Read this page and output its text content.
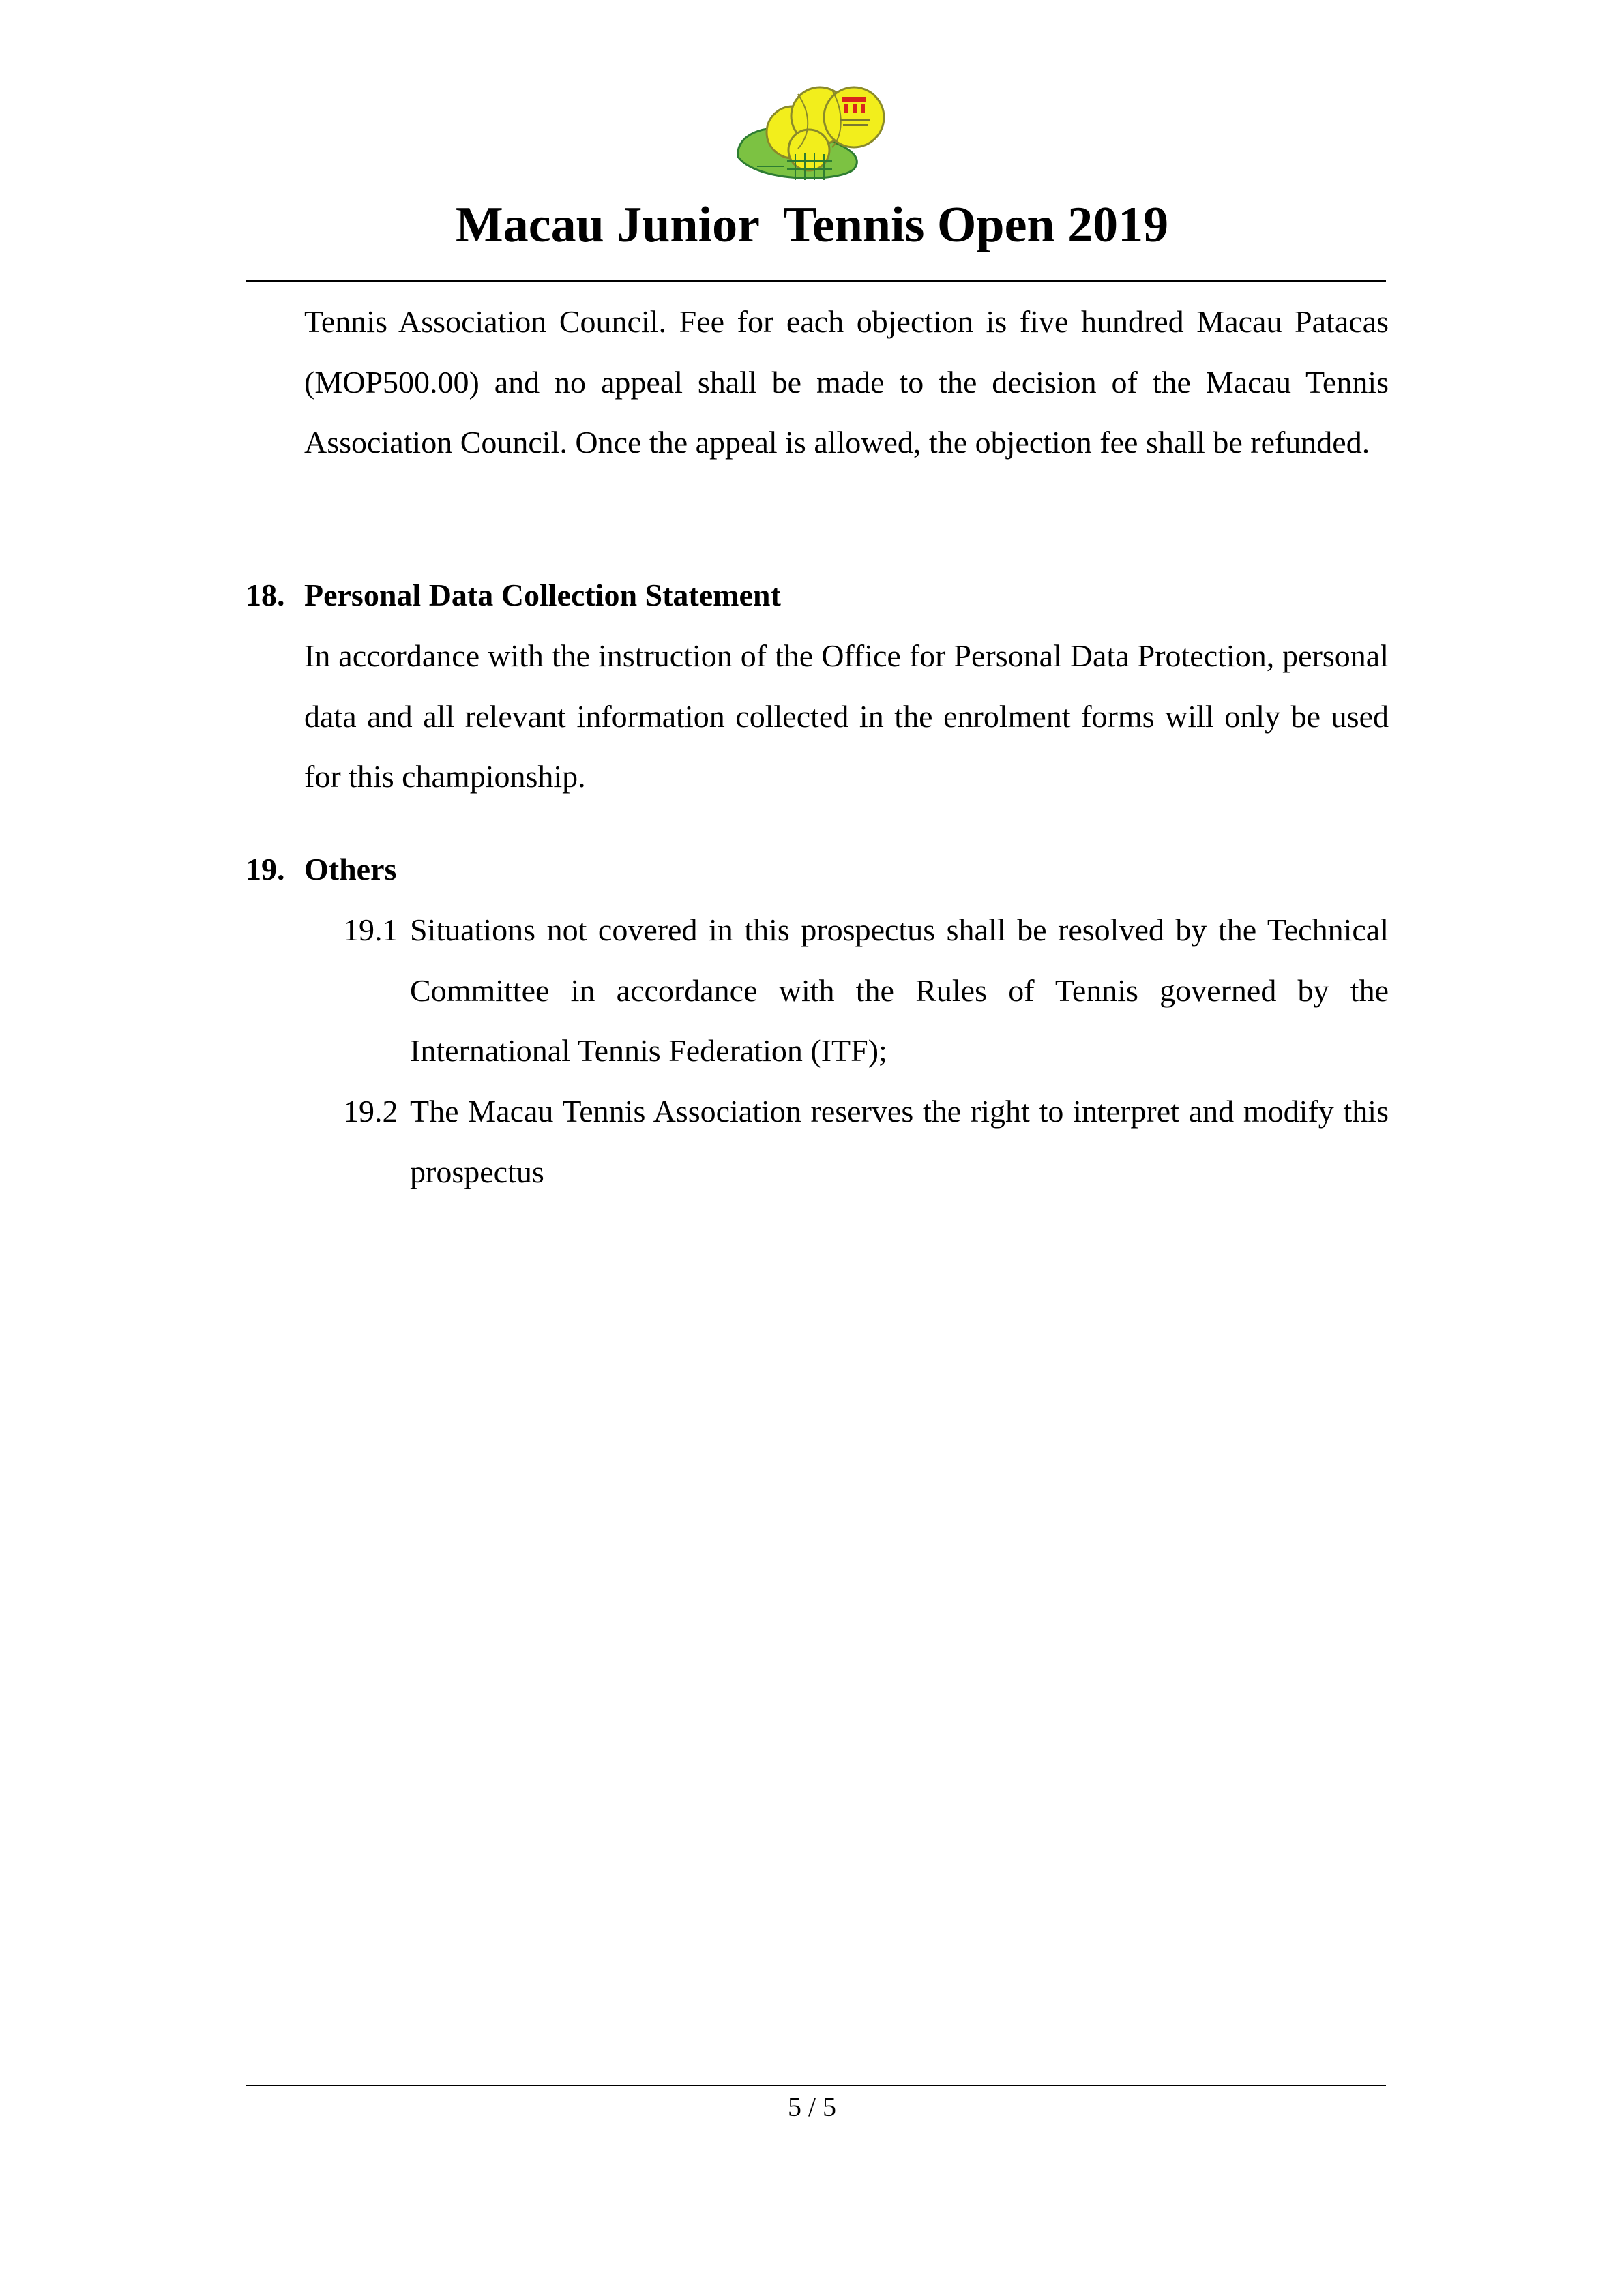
Macau Junior  Tennis Open 2019

Tennis Association Council. Fee for each objection is five hundred Macau Patacas (MOP500.00) and no appeal shall be made to the decision of the Macau Tennis Association Council. Once the appeal is allowed, the objection fee shall be refunded.

18. Personal Data Collection Statement

In accordance with the instruction of the Office for Personal Data Protection, personal data and all relevant information collected in the enrolment forms will only be used for this championship.

19. Others
19.1 Situations not covered in this prospectus shall be resolved by the Technical Committee in accordance with the Rules of Tennis governed by the International Tennis Federation (ITF);
19.2 The Macau Tennis Association reserves the right to interpret and modify this prospectus
5 / 5
